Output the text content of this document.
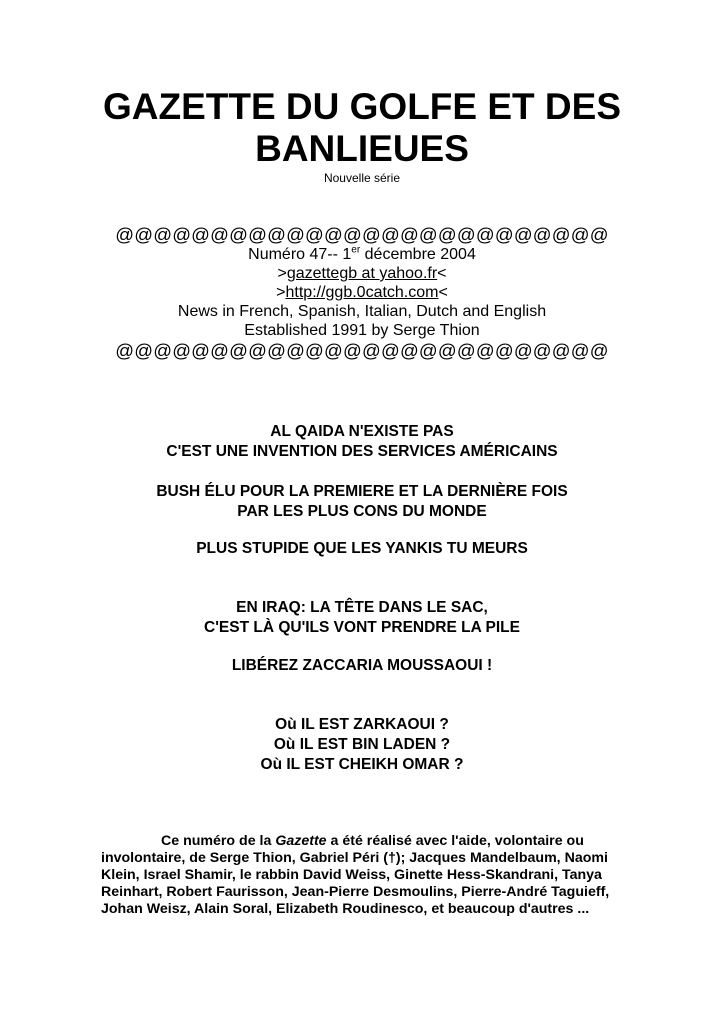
GAZETTE DU GOLFE ET DES
BANLIEUES
Nouvelle série
@@@@@@@@@@@@@@@@@@@@@@@@@@
Numéro 47-- 1er décembre 2004
>gazettegb at yahoo.fr<
>http://ggb.0catch.com<
News in French, Spanish, Italian, Dutch and English
Established 1991 by Serge Thion
@@@@@@@@@@@@@@@@@@@@@@@@@@
AL QAIDA N'EXISTE PAS
C'EST UNE INVENTION DES SERVICES AMÉRICAINS
BUSH ÉLU POUR LA PREMIERE ET LA DERNIÈRE FOIS
PAR LES PLUS CONS DU MONDE
PLUS STUPIDE QUE LES YANKIS TU MEURS
EN IRAQ: LA TÊTE DANS LE SAC,
C'EST LÀ QU'ILS VONT PRENDRE LA PILE
LIBÉREZ ZACCARIA MOUSSAOUI !
Où IL EST ZARKAOUI ?
Où IL EST BIN LADEN ?
Où IL EST CHEIKH OMAR ?
Ce numéro de la Gazette a été réalisé avec l'aide, volontaire ou
involontaire, de Serge Thion, Gabriel Péri (†); Jacques Mandelbaum, Naomi
Klein, Israel Shamir, le rabbin David Weiss, Ginette Hess-Skandrani, Tanya
Reinhart, Robert Faurisson, Jean-Pierre Desmoulins, Pierre-André Taguieff,
Johan Weisz, Alain Soral, Elizabeth Roudinesco, et beaucoup d'autres ...
